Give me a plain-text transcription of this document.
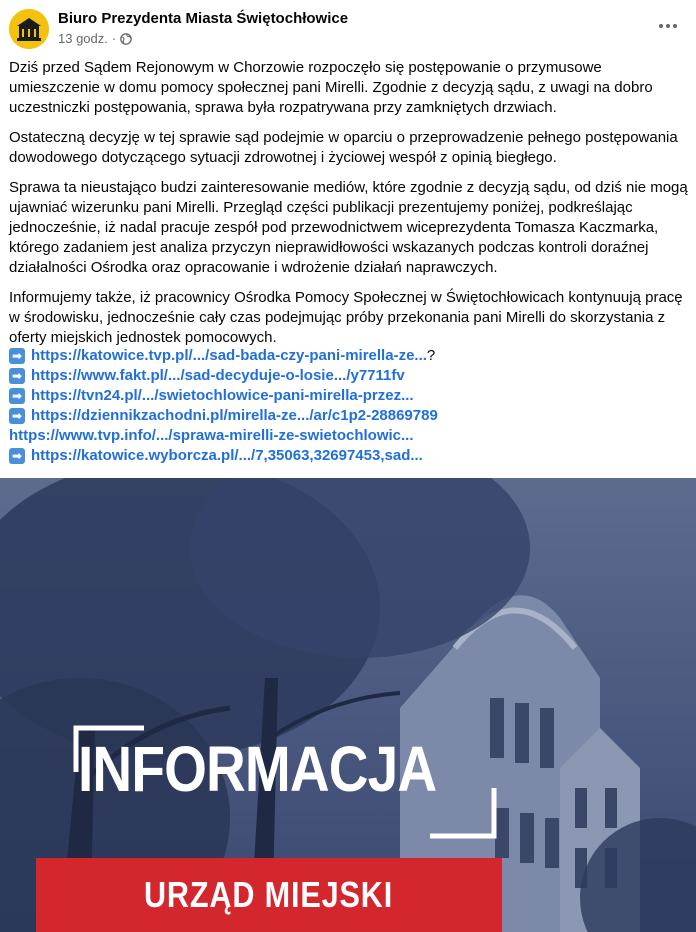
Biuro Prezydenta Miasta Świętochłowice
13 godz. ·

Dziś przed Sądem Rejonowym w Chorzowie rozpoczęło się postępowanie o przymusowe umieszczenie w domu pomocy społecznej pani Mirelli. Zgodnie z decyzją sądu, z uwagi na dobro uczestniczki postępowania, sprawa była rozpatrywana przy zamkniętych drzwiach.

Ostateczną decyzję w tej sprawie sąd podejmie w oparciu o przeprowadzenie pełnego postępowania dowodowego dotyczącego sytuacji zdrowotnej i życiowej wespół z opinią biegłego.

Sprawa ta nieustająco budzi zainteresowanie mediów, które zgodnie z decyzją sądu, od dziś nie mogą ujawniać wizerunku pani Mirelli. Przegląd części publikacji prezentujemy poniżej, podkreślając jednocześnie, iż nadal pracuje zespół pod przewodnictwem wiceprezydenta Tomasza Kaczmarka, którego zadaniem jest analiza przyczyn nieprawidłowości wskazanych podczas kontroli doraźnej działalności Ośrodka oraz opracowanie i wdrożenie działań naprawczych.

Informujemy także, iż pracownicy Ośrodka Pomocy Społecznej w Świętochłowicach kontynuują pracę w środowisku, jednocześnie cały czas podejmując próby przekonania pani Mirelli do skorzystania z oferty miejskich jednostek pomocowych.

➡ https://katowice.tvp.pl/.../sad-bada-czy-pani-mirella-ze... ?
➡ https://www.fakt.pl/.../sad-decyduje-o-losie.../y7711fv
➡ https://tvn24.pl/.../swietochlowice-pani-mirella-przez...
➡ https://dziennikzachodni.pl/mirella-ze.../ar/c1p2-28869789
https://www.tvp.info/.../sprawa-mirelli-ze-swietochlowic...
➡ https://katowice.wyborcza.pl/.../7,35063,32697453,sad...
INFORMACJA
URZĄD MIEJSKI
